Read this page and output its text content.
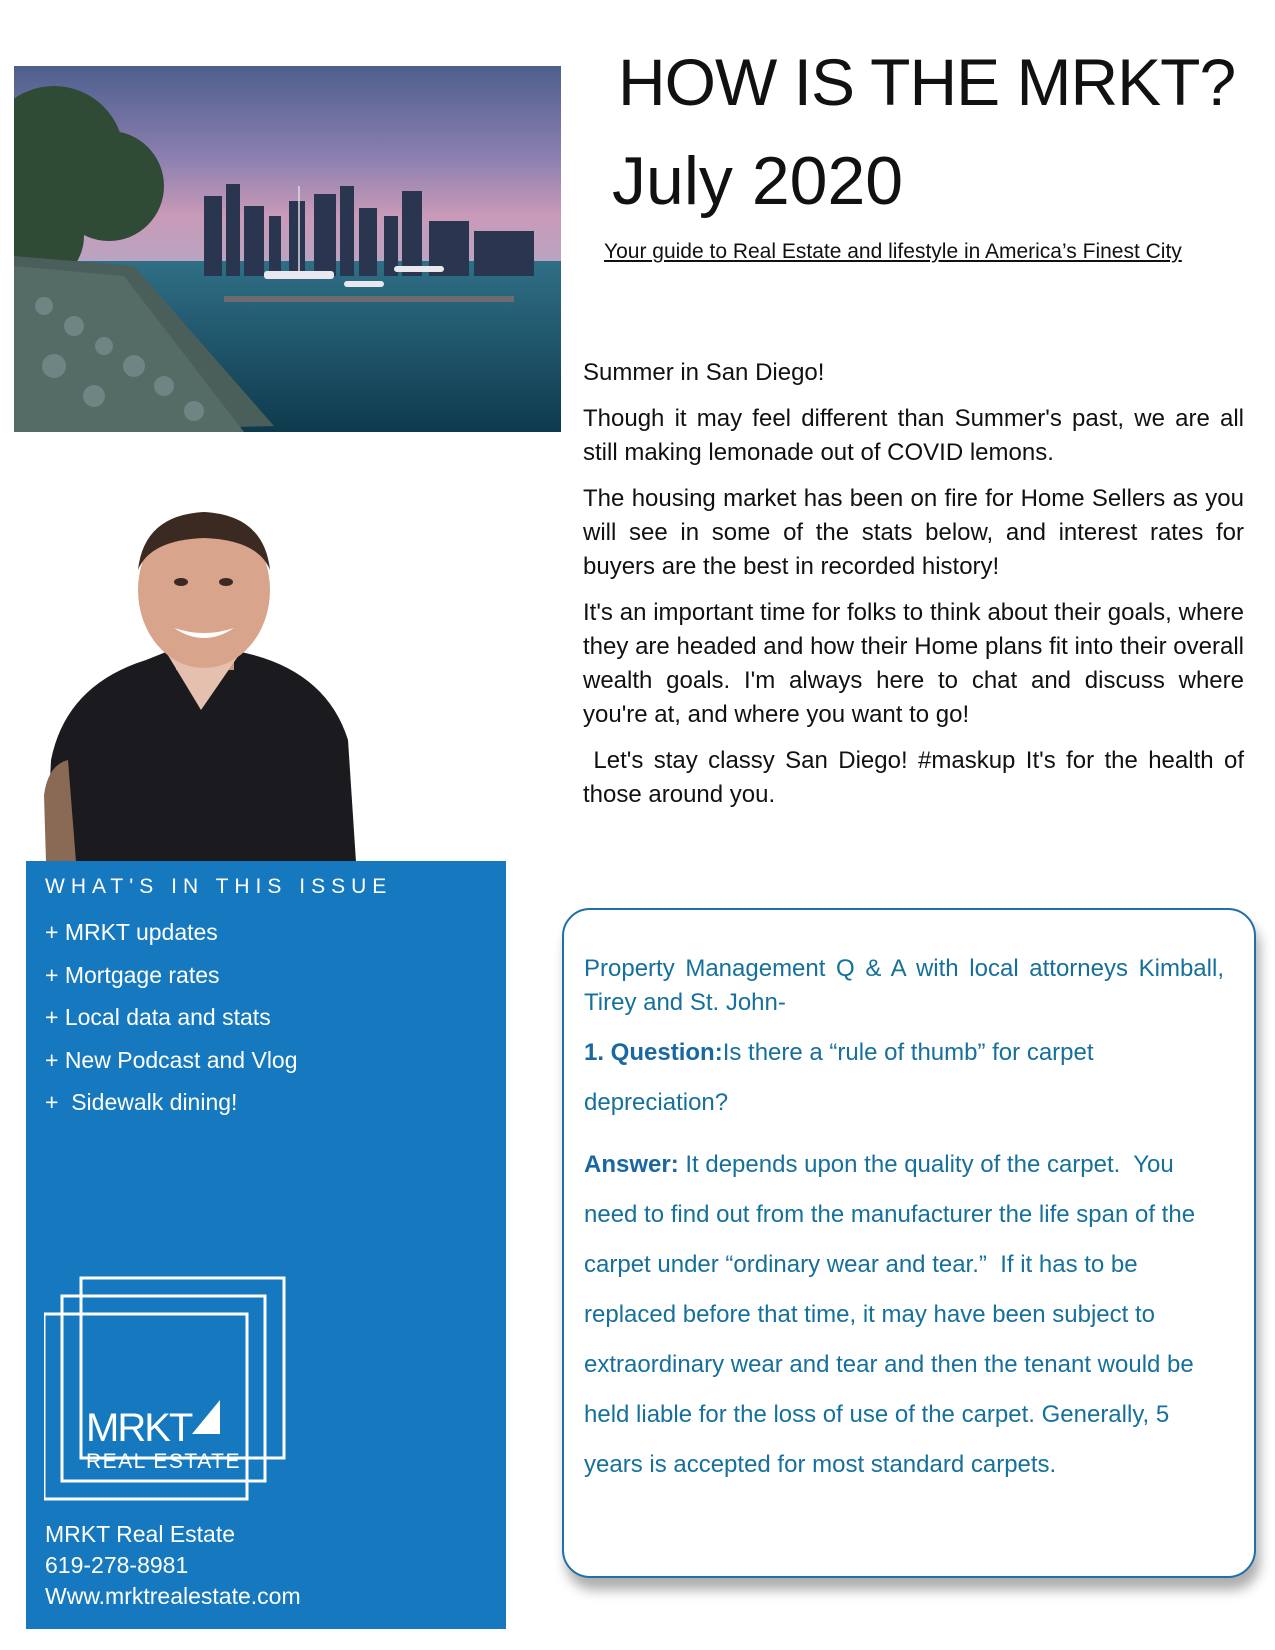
HOW IS THE MRKT?
July 2020
Your guide to Real Estate and lifestyle in America’s Finest City

Summer in San Diego!

Though it may feel different than Summer's past, we are all still making lemonade out of COVID lemons.

The housing market has been on fire for Home Sellers as you will see in some of the stats below, and interest rates for buyers are the best in recorded history!

It's an important time for folks to think about their goals, where they are headed and how their Home plans fit into their overall wealth goals. I'm always here to chat and discuss where you're at, and where you want to go!

Let's stay classy San Diego! #maskup It's for the health of those around you.

WHAT'S IN THIS ISSUE
+ MRKT updates
+ Mortgage rates
+ Local data and stats
+ New Podcast and Vlog
+  Sidewalk dining!
MRKT
REAL ESTATE
MRKT Real Estate
619-278-8981
Www.mrktrealestate.com

Property Management Q & A with local attorneys Kimball, Tirey and St. John-

1. Question:Is there a “rule of thumb” for carpet depreciation?

Answer: It depends upon the quality of the carpet.  You need to find out from the manufacturer the life span of the carpet under “ordinary wear and tear.”  If it has to be replaced before that time, it may have been subject to extraordinary wear and tear and then the tenant would be held liable for the loss of use of the carpet. Generally, 5 years is accepted for most standard carpets.
